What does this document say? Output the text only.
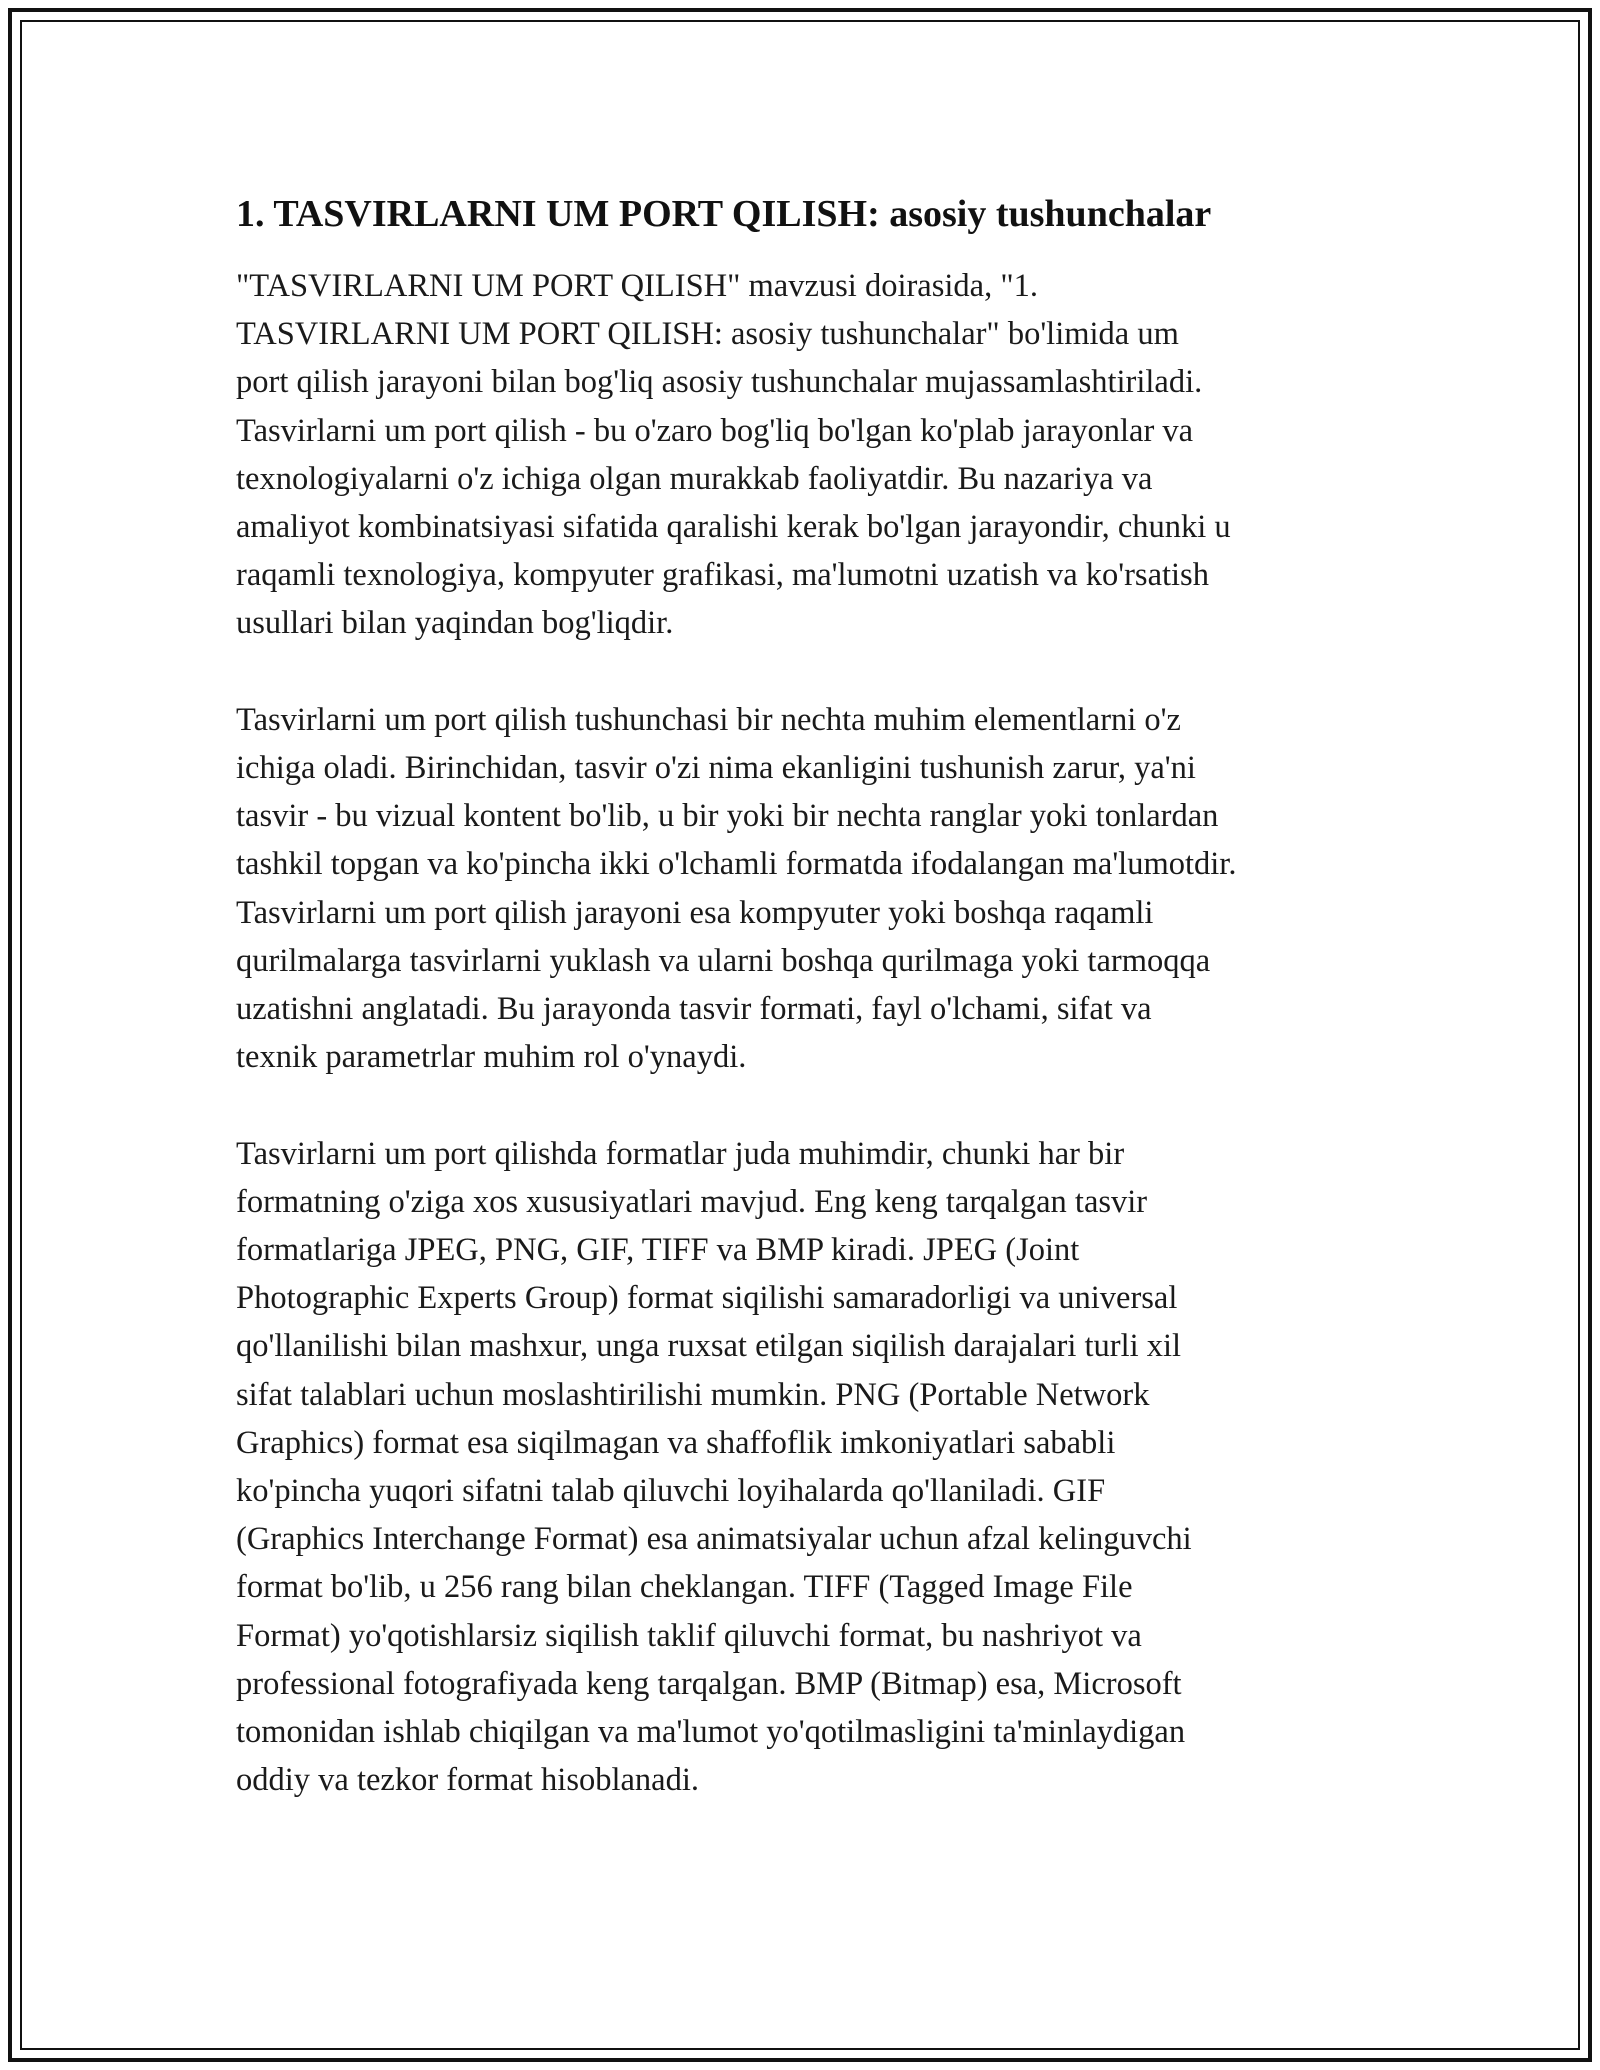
1. TASVIRLARNI UM PORT QILISH: asosiy tushunchalar

"TASVIRLARNI UM PORT QILISH" mavzusi doirasida, "1.
TASVIRLARNI UM PORT QILISH: asosiy tushunchalar" bo'limida um
port qilish jarayoni bilan bog'liq asosiy tushunchalar mujassamlashtiriladi.
Tasvirlarni um port qilish - bu o'zaro bog'liq bo'lgan ko'plab jarayonlar va
texnologiyalarni o'z ichiga olgan murakkab faoliyatdir. Bu nazariya va
amaliyot kombinatsiyasi sifatida qaralishi kerak bo'lgan jarayondir, chunki u
raqamli texnologiya, kompyuter grafikasi, ma'lumotni uzatish va ko'rsatish
usullari bilan yaqindan bog'liqdir.

Tasvirlarni um port qilish tushunchasi bir nechta muhim elementlarni o'z
ichiga oladi. Birinchidan, tasvir o'zi nima ekanligini tushunish zarur, ya'ni
tasvir - bu vizual kontent bo'lib, u bir yoki bir nechta ranglar yoki tonlardan
tashkil topgan va ko'pincha ikki o'lchamli formatda ifodalangan ma'lumotdir.
Tasvirlarni um port qilish jarayoni esa kompyuter yoki boshqa raqamli
qurilmalarga tasvirlarni yuklash va ularni boshqa qurilmaga yoki tarmoqqa
uzatishni anglatadi. Bu jarayonda tasvir formati, fayl o'lchami, sifat va
texnik parametrlar muhim rol o'ynaydi.

Tasvirlarni um port qilishda formatlar juda muhimdir, chunki har bir
formatning o'ziga xos xususiyatlari mavjud. Eng keng tarqalgan tasvir
formatlariga JPEG, PNG, GIF, TIFF va BMP kiradi. JPEG (Joint
Photographic Experts Group) format siqilishi samaradorligi va universal
qo'llanilishi bilan mashxur, unga ruxsat etilgan siqilish darajalari turli xil
sifat talablari uchun moslashtirilishi mumkin. PNG (Portable Network
Graphics) format esa siqilmagan va shaffoflik imkoniyatlari sababli
ko'pincha yuqori sifatni talab qiluvchi loyihalarda qo'llaniladi. GIF
(Graphics Interchange Format) esa animatsiyalar uchun afzal kelinguvchi
format bo'lib, u 256 rang bilan cheklangan. TIFF (Tagged Image File
Format) yo'qotishlarsiz siqilish taklif qiluvchi format, bu nashriyot va
professional fotografiyada keng tarqalgan. BMP (Bitmap) esa, Microsoft
tomonidan ishlab chiqilgan va ma'lumot yo'qotilmasligini ta'minlaydigan
oddiy va tezkor format hisoblanadi.
